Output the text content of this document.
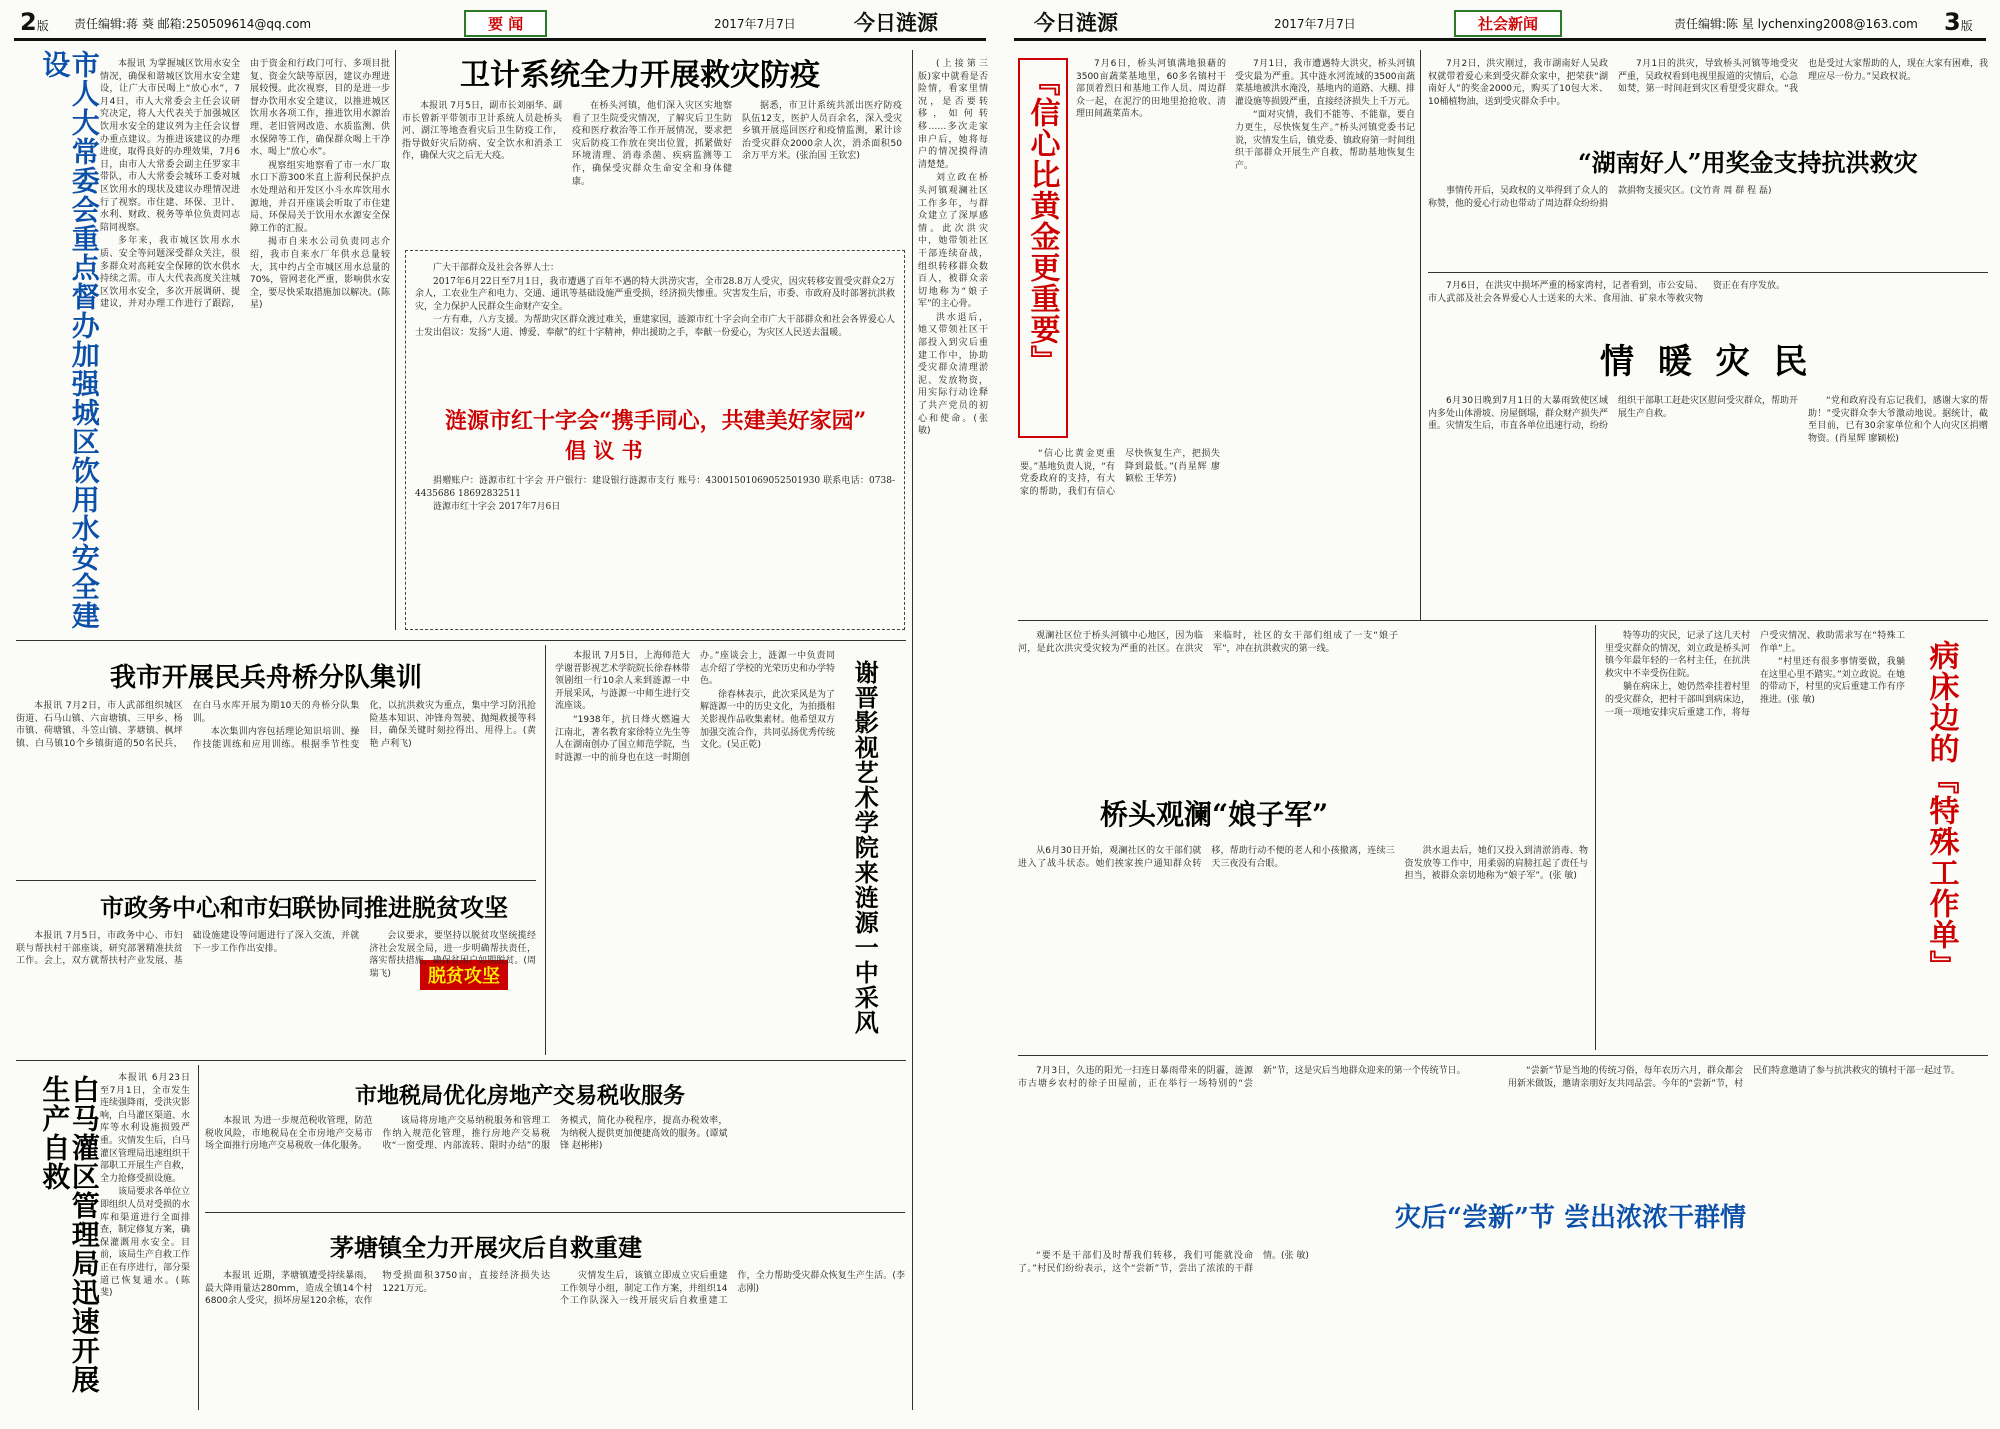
2版 责任编辑:蒋 葵 邮箱:250509614@qq.com	要 闻	2017年7月7日	今日涟源
市人大常委会重点督办加强城区饮用水安全建设	本报讯 为掌握城区饮用水安全情况，确保和谐城区饮用水安全建设，让广大市民喝上“放心水”，7月4日，市人大常委会主任会议研究决定，将人大代表关于加强城区饮用水安全的建议列为主任会议督办重点建议。为推进该建议的办理进度，取得良好的办理效果，7月6日，由市人大常委会副主任罗家丰带队，市人大常委会城环工委对城区饮用水的现状及建议办理情况进行了视察。市住建、环保、卫计、水利、财政、税务等单位负责同志陪同视察。

多年来，我市城区饮用水水质、安全等问题深受群众关注，很多群众对高耗安全保障的饮水供水持续之需。市人大代表高度关注城区饮用水安全，多次开展调研、提建议，并对办理工作进行了跟踪，由于资金和行政门可行、多项目批复、资金欠缺等原因，建议办理进展较慢。此次视察，目的是进一步督办饮用水安全建议，以推进城区饮用水各项工作，推进饮用水源治理、老旧管网改造、水质监测、供水保障等工作，确保群众喝上干净水、喝上“放心水”。

视察组实地察看了市一水厂取水口下游300米直上游利民保护点水处理站和开发区小斗水库饮用水源地，并召开座谈会听取了市住建局、环保局关于饮用水水源安全保障工作的汇报。

揭市自来水公司负责同志介绍，我市自来水厂年供水总量较大，其中约占全市城区用水总量的70%，管网老化严重，影响供水安全，要尽快采取措施加以解决。(陈 星)

卫计系统全力开展救灾防疫

本报讯 7月5日，副市长刘丽华、副市长曾新平带领市卫计系统人员赴桥头河、湖江等地查看灾后卫生防疫工作，指导做好灾后防病、安全饮水和消杀工作，确保大灾之后无大疫。

在桥头河镇，他们深入灾区实地察看了卫生院受灾情况，了解灾后卫生防疫和医疗救治等工作开展情况，要求把灾后防疫工作放在突出位置，抓紧做好环境清理、消毒杀菌、疾病监测等工作，确保受灾群众生命安全和身体健康。

据悉，市卫计系统共派出医疗防疫队伍12支，医护人员百余名，深入受灾乡镇开展巡回医疗和疫情监测，累计诊治受灾群众2000余人次，消杀面积50余万平方米。(张治国 王钦宏)

涟源市红十字会“携手同心，共建美好家园”
倡 议 书

广大干部群众及社会各界人士：

2017年6月22日至7月1日，我市遭遇了百年不遇的特大洪涝灾害，全市28.8万人受灾，因灾转移安置受灾群众2万余人，工农业生产和电力、交通、通讯等基础设施严重受损，经济损失惨重。灾害发生后，市委、市政府及时部署抗洪救灾，全力保护人民群众生命财产安全。

一方有难，八方支援。为帮助灾区群众渡过难关，重建家园，涟源市红十字会向全市广大干部群众和社会各界爱心人士发出倡议：发扬“人道、博爱、奉献”的红十字精神，伸出援助之手，奉献一份爱心，为灾区人民送去温暖。

捐赠账户：涟源市红十字会 开户银行：建设银行涟源市支行 账号：43001501069052501930 联系电话：0738-4435686 18692832511

涟源市红十字会 2017年7月6日

(上接第三版)家中就看是否险情，看家里情况，是否要转移，如何转移……多次走家串户后，她将每户的情况摸得清清楚楚。

刘立政在桥头河镇观澜社区工作多年，与群众建立了深厚感情。此次洪灾中，她带领社区干部连续奋战，组织转移群众数百人，被群众亲切地称为“娘子军”的主心骨。

洪水退后，她又带领社区干部投入到灾后重建工作中，协助受灾群众清理淤泥、发放物资，用实际行动诠释了共产党员的初心和使命。(张 敏)

我市开展民兵舟桥分队集训

本报讯 7月2日，市人武部组织城区街道、石马山镇、六亩塘镇、三甲乡、杨市镇、荷塘镇、斗笠山镇、茅塘镇、枫坪镇、白马镇10个乡镇街道的50名民兵，在白马水库开展为期10天的舟桥分队集训。

本次集训内容包括理论知识培训、操作技能训练和应用训练。根据季节性变化，以抗洪救灾为重点，集中学习防汛抢险基本知识、冲锋舟驾驶、抛绳救援等科目，确保关键时刻拉得出、用得上。(黄 艳 卢利飞)

市政务中心和市妇联协同推进脱贫攻坚
脱贫攻坚

本报讯 7月5日，市政务中心、市妇联与帮扶村干部座谈，研究部署精准扶贫工作。会上，双方就帮扶村产业发展、基础设施建设等问题进行了深入交流，并就下一步工作作出安排。

会议要求，要坚持以脱贫攻坚统揽经济社会发展全局，进一步明确帮扶责任，落实帮扶措施，确保贫困户如期脱贫。(周瑞飞)

本报讯 7月5日，上海师范大学谢晋影视艺术学院院长徐春林带领剧组一行10余人来到涟源一中开展采风，与涟源一中师生进行交流座谈。

“1938年，抗日烽火燃遍大江南北，著名教育家徐特立先生等人在湖南创办了国立师范学院，当时涟源一中的前身也在这一时期创办。”座谈会上，涟源一中负责同志介绍了学校的光荣历史和办学特色。

徐春林表示，此次采风是为了解涟源一中的历史文化，为拍摄相关影视作品收集素材。他希望双方加强交流合作，共同弘扬优秀传统文化。(吴正乾)	谢晋影视艺术学院来涟源一中采风
白马灌区管理局迅速开展生产自救	本报讯 6月23日至7月1日，全市发生连续强降雨，受洪灾影响，白马灌区渠道、水库等水利设施损毁严重。灾情发生后，白马灌区管理局迅速组织干部职工开展生产自救，全力抢修受损设施。

该局要求各单位立即组织人员对受损的水库和渠道进行全面排查，制定修复方案，确保灌溉用水安全。目前，该局生产自救工作正在有序进行，部分渠道已恢复通水。(陈 斐)

市地税局优化房地产交易税收服务

本报讯 为进一步规范税收管理，防范税收风险，市地税局在全市房地产交易市场全面推行房地产交易税收一体化服务。

该局将房地产交易纳税服务和管理工作纳入规范化管理，推行房地产交易税收“一窗受理、内部流转、限时办结”的服务模式，简化办税程序，提高办税效率，为纳税人提供更加便捷高效的服务。(谭斌锋 赵彬彬)

茅塘镇全力开展灾后自救重建

本报讯 近期，茅塘镇遭受持续暴雨，最大降雨量达280mm，造成全镇14个村6800余人受灾，损坏房屋120余栋，农作物受损面积3750亩，直接经济损失达1221万元。

灾情发生后，该镇立即成立灾后重建工作领导小组，制定工作方案，并组织14个工作队深入一线开展灾后自救重建工作，全力帮助受灾群众恢复生产生活。(李志刚)

今日涟源	2017年7月7日	社会新闻	责任编辑:陈 星 lychenxing2008@163.com 3版
『信心比黄金更重要』

7月6日，桥头河镇满地狼藉的3500亩蔬菜基地里，60多名镇村干部顶着烈日和基地工作人员、周边群众一起，在泥泞的田地里抢抢收、清理田间蔬菜苗木。

“信心比黄金更重要。”基地负责人说，“有党委政府的支持，有大家的帮助，我们有信心尽快恢复生产，把损失降到最低。”(肖星辉 廖颖松 王华芳)

7月1日，我市遭遇特大洪灾，桥头河镇受灾最为严重。其中涟水河流域的3500亩蔬菜基地被洪水淹没，基地内的道路、大棚、排灌设施等损毁严重，直接经济损失上千万元。

“面对灾情，我们不能等、不能靠，要自力更生，尽快恢复生产。”桥头河镇党委书记说，灾情发生后，镇党委、镇政府第一时间组织干部群众开展生产自救，帮助基地恢复生产。	“湖南好人”用奖金支持抗洪救灾

7月2日，洪灾刚过，我市湖南好人吴政权就带着爱心来到受灾群众家中，把荣获“湖南好人”的奖金2000元，购买了10包大米、10桶植物油，送到受灾群众手中。

7月1日的洪灾，导致桥头河镇等地受灾严重，吴政权看到电视里报道的灾情后，心急如焚，第一时间赶到灾区看望受灾群众。“我也是受过大家帮助的人，现在大家有困难，我理应尽一份力。”吴政权说。

事情传开后，吴政权的义举得到了众人的称赞，他的爱心行动也带动了周边群众纷纷捐款捐物支援灾区。(文竹青 周 群 程 磊)

情 暖 灾 民

7月6日，在洪灾中损坏严重的杨家湾村，记者看到，市公安局、市人武部及社会各界爱心人士送来的大米、食用油、矿泉水等救灾物资正在有序发放。

6月30日晚到7月1日的大暴雨致使区域内多处山体滑坡、房屋倒塌，群众财产损失严重。灾情发生后，市直各单位迅速行动，纷纷组织干部职工赶赴灾区慰问受灾群众，帮助开展生产自救。

“党和政府没有忘记我们，感谢大家的帮助！”受灾群众李大爷激动地说。据统计，截至目前，已有30余家单位和个人向灾区捐赠物资。(肖星辉 廖颖松)

桥头观澜“娘子军”

观澜社区位于桥头河镇中心地区，因为临河，是此次洪灾受灾较为严重的社区。在洪灾来临时，社区的女干部们组成了一支“娘子军”，冲在抗洪救灾的第一线。

从6月30日开始，观澜社区的女干部们就进入了战斗状态。她们挨家挨户通知群众转移，帮助行动不便的老人和小孩撤离，连续三天三夜没有合眼。

洪水退去后，她们又投入到清淤消毒、物资发放等工作中，用柔弱的肩膀扛起了责任与担当，被群众亲切地称为“娘子军”。(张 敏)

特等功的灾民，记录了这几天村里受灾群众的情况，刘立政是桥头河镇今年最年轻的一名村主任，在抗洪救灾中不幸受伤住院。

躺在病床上，她仍然牵挂着村里的受灾群众，把村干部叫到病床边，一项一项地安排灾后重建工作，将每户受灾情况、救助需求写在“特殊工作单”上。

“村里还有很多事情要做，我躺在这里心里不踏实。”刘立政说。在她的带动下，村里的灾后重建工作有序推进。(张 敏)	病床边的『特殊工作单』
灾后“尝新”节 尝出浓浓干群情

7月3日，久违的阳光一扫连日暴雨带来的阴霾，涟源市古塘乡农村的徐子田屋前，正在举行一场特别的“尝新”节，这是灾后当地群众迎来的第一个传统节日。	“尝新”节是当地的传统习俗，每年农历六月，群众都会用新米做饭，邀请亲朋好友共同品尝。今年的“尝新”节，村民们特意邀请了参与抗洪救灾的镇村干部一起过节。

“要不是干部们及时帮我们转移，我们可能就没命了。”村民们纷纷表示，这个“尝新”节，尝出了浓浓的干群情。(张 敏)
